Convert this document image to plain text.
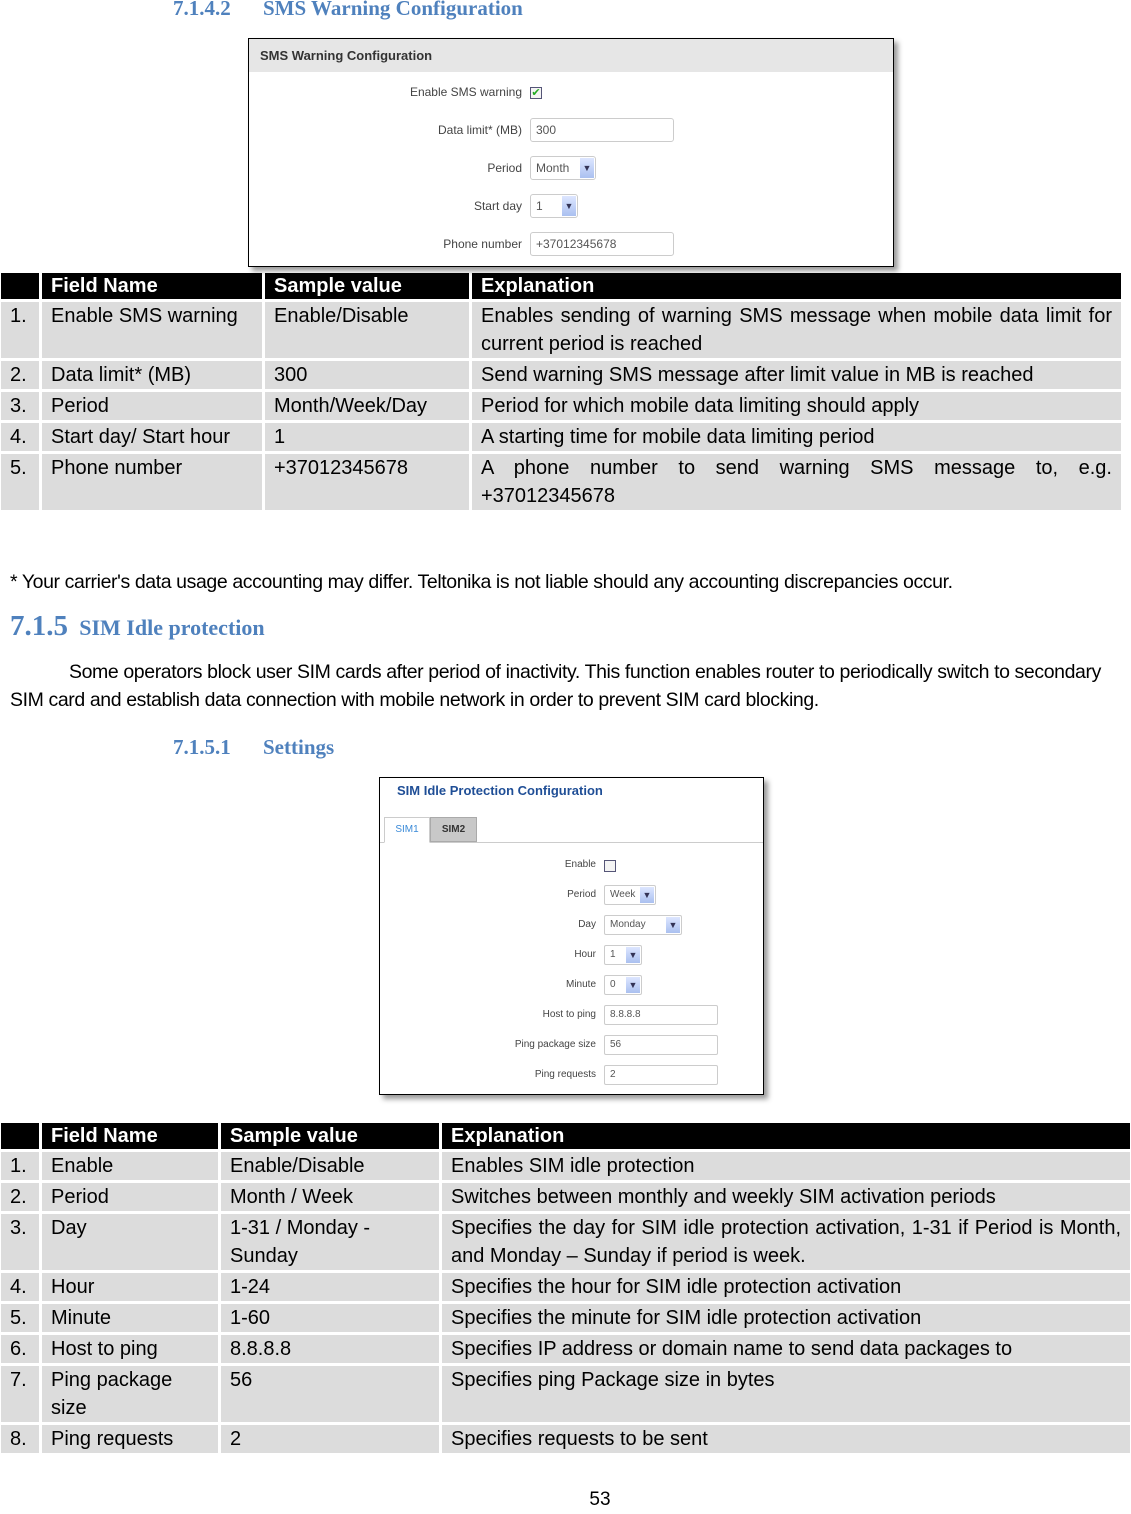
7.1.4.2 SMS Warning Configuration
SMS Warning Configuration
Enable SMS warning ✔
Data limit* (MB)	300
Period	Month ▼
Start day	1 ▼
Phone number	+37012345678
	Field Name	Sample value	Explanation
1.	Enable SMS warning	Enable/Disable	Enables sending of warning SMS message when mobile data limit for current period is reached
2.	Data limit* (MB)	300	Send warning SMS message after limit value in MB is reached
3.	Period	Month/Week/Day	Period for which mobile data limiting should apply
4.	Start day/ Start hour	1	A starting time for mobile data limiting period
5.	Phone number	+37012345678	A phone number to send warning SMS message to, e.g. +37012345678
* Your carrier's data usage accounting may differ. Teltonika is not liable should any accounting discrepancies occur.
7.1.5 SIM Idle protection
Some operators block user SIM cards after period of inactivity. This function enables router to periodically switch to secondary SIM card and establish data connection with mobile network in order to prevent SIM card blocking.
7.1.5.1 Settings
SIM Idle Protection Configuration
SIM1	SIM2
Enable
Period	Week ▼
Day	Monday	▼
Hour	1 ▼
Minute	0 ▼
Host to ping	8.8.8.8
Ping package size	56
Ping requests	2
	Field Name	Sample value	Explanation
1.	Enable	Enable/Disable	Enables SIM idle protection
2.	Period	Month / Week	Switches between monthly and weekly SIM activation periods
3.	Day	1-31 / Monday - Sunday	Specifies the day for SIM idle protection activation, 1-31 if Period is Month, and Monday – Sunday if period is week.
4.	Hour	1-24	Specifies the hour for SIM idle protection activation
5.	Minute	1-60	Specifies the minute for SIM idle protection activation
6.	Host to ping	8.8.8.8	Specifies IP address or domain name to send data packages to
7.	Ping package size	56	Specifies ping Package size in bytes
8.	Ping requests	2	Specifies requests to be sent
53
